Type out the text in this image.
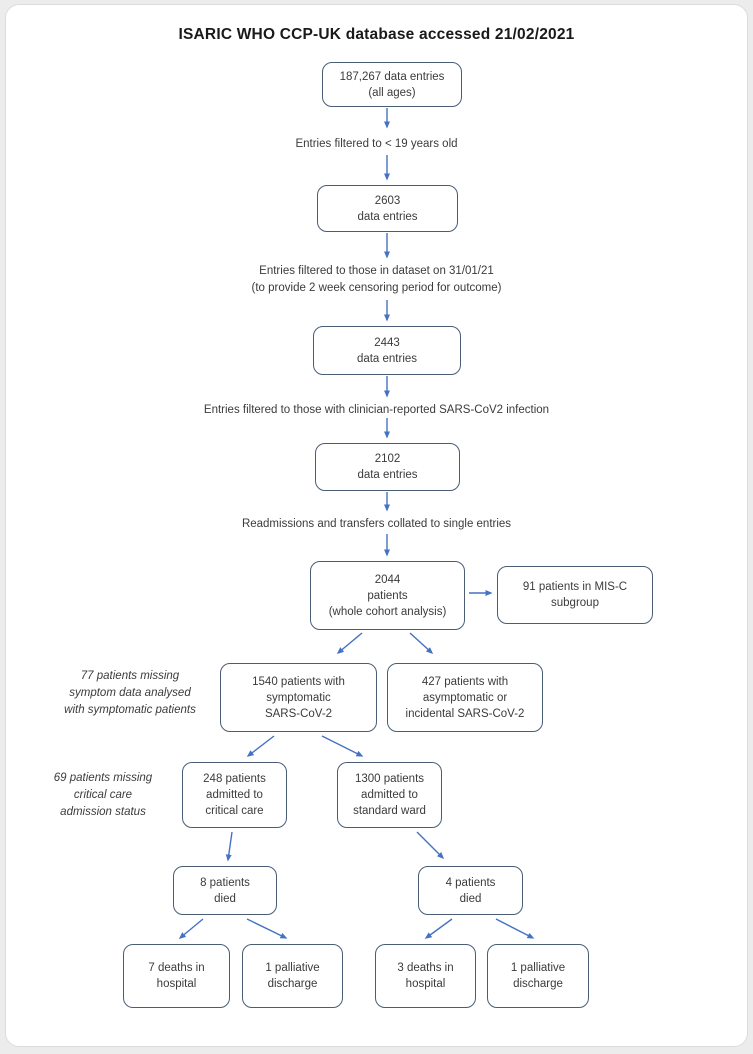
ISARIC WHO CCP-UK database accessed 21/02/2021
187,267 data entries
(all ages)
Entries filtered to < 19 years old
2603
data entries
Entries filtered to those in dataset on 31/01/21
(to provide 2 week censoring period for outcome)
2443
data entries
Entries filtered to those with clinician-reported SARS-CoV2 infection
2102
data entries
Readmissions and transfers collated to single entries
2044
patients
(whole cohort analysis)
91 patients in MIS-C
subgroup
77 patients missing
symptom data analysed
with symptomatic patients
1540 patients with
symptomatic
SARS-CoV-2
427 patients with
asymptomatic or
incidental SARS-CoV-2
69 patients missing
critical care
admission status
248 patients
admitted to
critical care
1300 patients
admitted to
standard ward
8 patients
died
4 patients
died
7 deaths in
hospital
1 palliative
discharge
3 deaths in
hospital
1 palliative
discharge
